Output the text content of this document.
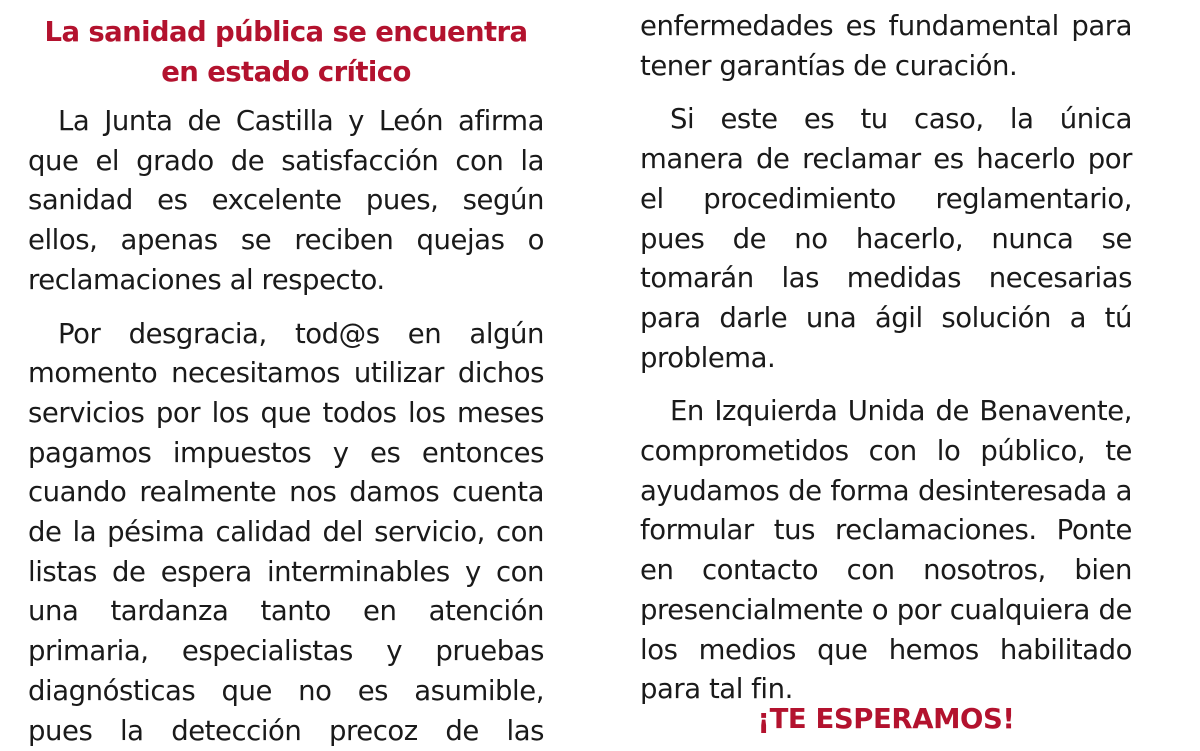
La sanidad pública se encuentra
en estado crítico

La Junta de Castilla y León afirma que el grado de satisfacción con la sanidad es excelente pues, según ellos, apenas se reciben quejas o reclamaciones al respecto.

Por desgracia, tod@s en algún momento necesitamos utilizar dichos servicios por los que todos los meses pagamos impuestos y es entonces cuando realmente nos damos cuenta de la pésima calidad del servicio, con listas de espera interminables y con una tardanza tanto en atención primaria, especialistas y pruebas diagnósticas que no es asumible, pues la detección precoz de las

enfermedades es fundamental para tener garantías de curación.

Si este es tu caso, la única manera de reclamar es hacerlo por el procedimiento reglamentario, pues de no hacerlo, nunca se tomarán las medidas necesarias para darle una ágil solución a tú problema.

En Izquierda Unida de Benavente, comprometidos con lo público, te ayudamos de forma desinteresada a formular tus reclamaciones. Ponte en contacto con nosotros, bien presencialmente o por cualquiera de los medios que hemos habilitado para tal fin.

¡TE ESPERAMOS!
